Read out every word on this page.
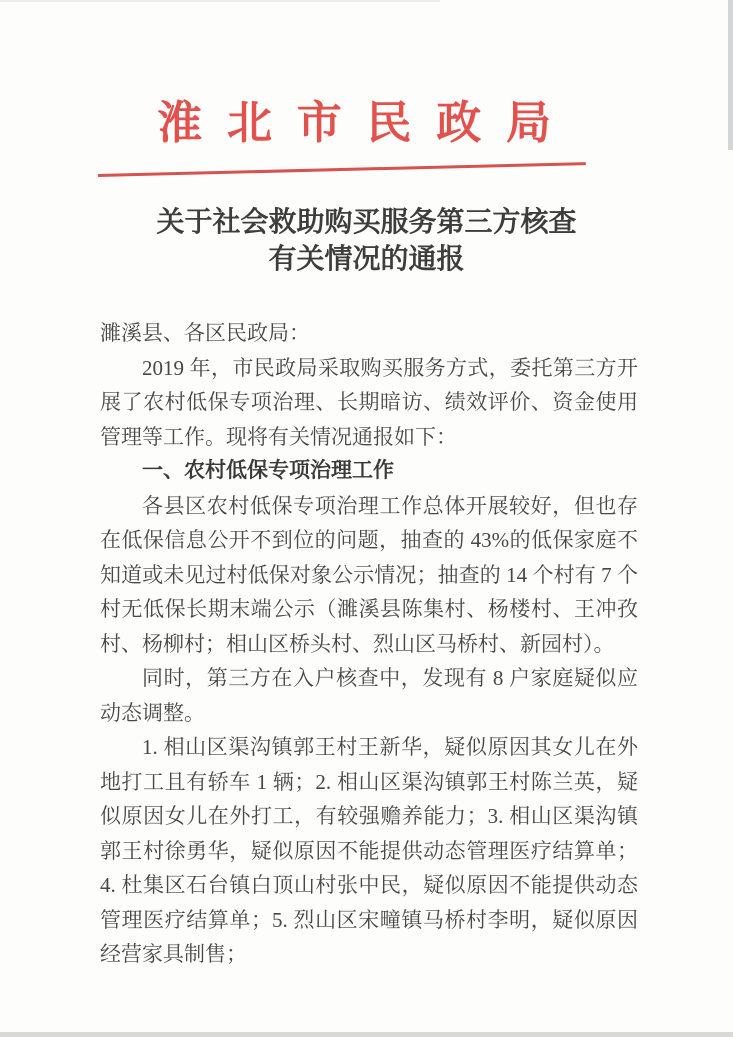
淮北市民政局
关于社会救助购买服务第三方核查
有关情况的通报

濉溪县、各区民政局：

2019 年，市民政局采取购买服务方式，委托第三方开展了农村低保专项治理、长期暗访、绩效评价、资金使用管理等工作。现将有关情况通报如下：

一、农村低保专项治理工作

各县区农村低保专项治理工作总体开展较好，但也存在低保信息公开不到位的问题，抽查的 43%的低保家庭不知道或未见过村低保对象公示情况；抽查的 14 个村有 7 个村无低保长期末端公示（濉溪县陈集村、杨楼村、王冲孜村、杨柳村；相山区桥头村、烈山区马桥村、新园村）。

同时，第三方在入户核查中，发现有 8 户家庭疑似应动态调整。

1. 相山区渠沟镇郭王村王新华，疑似原因其女儿在外地打工且有轿车 1 辆；2. 相山区渠沟镇郭王村陈兰英，疑似原因女儿在外打工，有较强赡养能力；3. 相山区渠沟镇郭王村徐勇华，疑似原因不能提供动态管理医疗结算单；4. 杜集区石台镇白顶山村张中民，疑似原因不能提供动态管理医疗结算单；5. 烈山区宋疃镇马桥村李明，疑似原因经营家具制售；
